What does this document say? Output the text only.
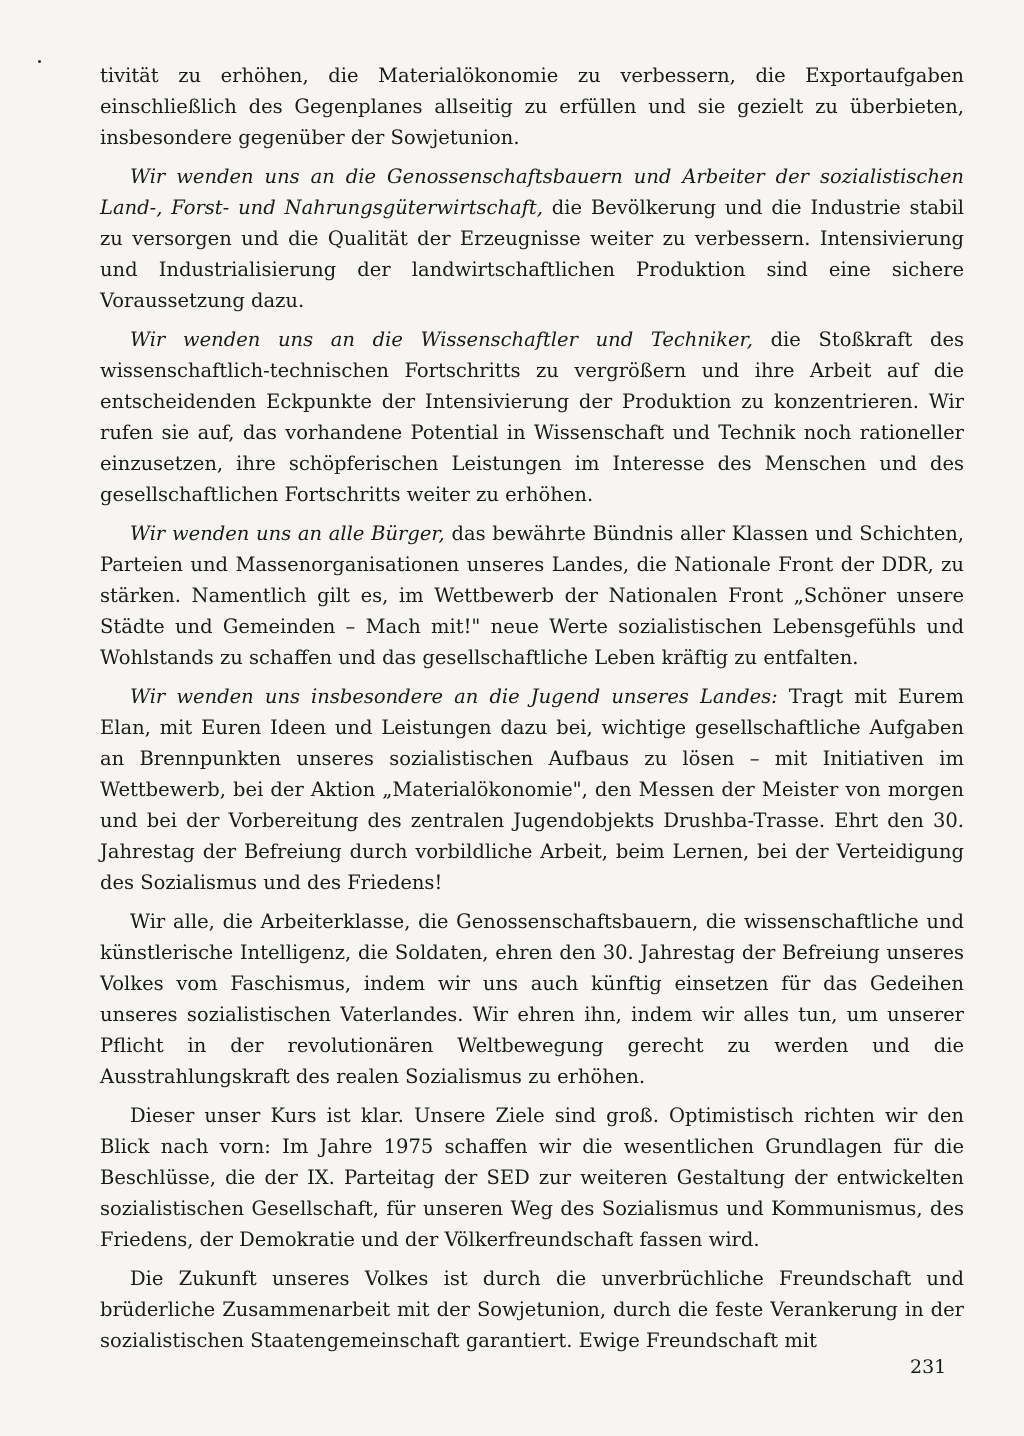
tivität zu erhöhen, die Materialökonomie zu verbessern, die Exportaufgaben einschließlich des Gegenplanes allseitig zu erfüllen und sie gezielt zu überbieten, insbesondere gegenüber der Sowjetunion.

Wir wenden uns an die Genossenschaftsbauern und Arbeiter der sozialistischen Land-, Forst- und Nahrungsgüterwirtschaft, die Bevölkerung und die Industrie stabil zu versorgen und die Qualität der Erzeugnisse weiter zu verbessern. Intensivierung und Industrialisierung der landwirtschaftlichen Produktion sind eine sichere Voraussetzung dazu.

Wir wenden uns an die Wissenschaftler und Techniker, die Stoßkraft des wissenschaftlich-technischen Fortschritts zu vergrößern und ihre Arbeit auf die entscheidenden Eckpunkte der Intensivierung der Produktion zu konzentrieren. Wir rufen sie auf, das vorhandene Potential in Wissenschaft und Technik noch rationeller einzusetzen, ihre schöpferischen Leistungen im Interesse des Menschen und des gesellschaftlichen Fortschritts weiter zu erhöhen.

Wir wenden uns an alle Bürger, das bewährte Bündnis aller Klassen und Schichten, Parteien und Massenorganisationen unseres Landes, die Nationale Front der DDR, zu stärken. Namentlich gilt es, im Wettbewerb der Nationalen Front „Schöner unsere Städte und Gemeinden – Mach mit!" neue Werte sozialistischen Lebensgefühls und Wohlstands zu schaffen und das gesellschaftliche Leben kräftig zu entfalten.

Wir wenden uns insbesondere an die Jugend unseres Landes: Tragt mit Eurem Elan, mit Euren Ideen und Leistungen dazu bei, wichtige gesellschaftliche Aufgaben an Brennpunkten unseres sozialistischen Aufbaus zu lösen – mit Initiativen im Wettbewerb, bei der Aktion „Materialökonomie", den Messen der Meister von morgen und bei der Vorbereitung des zentralen Jugendobjekts Drushba-Trasse. Ehrt den 30. Jahrestag der Befreiung durch vorbildliche Arbeit, beim Lernen, bei der Verteidigung des Sozialismus und des Friedens!

Wir alle, die Arbeiterklasse, die Genossenschaftsbauern, die wissenschaftliche und künstlerische Intelligenz, die Soldaten, ehren den 30. Jahrestag der Befreiung unseres Volkes vom Faschismus, indem wir uns auch künftig einsetzen für das Gedeihen unseres sozialistischen Vaterlandes. Wir ehren ihn, indem wir alles tun, um unserer Pflicht in der revolutionären Weltbewegung gerecht zu werden und die Ausstrahlungskraft des realen Sozialismus zu erhöhen.

Dieser unser Kurs ist klar. Unsere Ziele sind groß. Optimistisch richten wir den Blick nach vorn: Im Jahre 1975 schaffen wir die wesentlichen Grundlagen für die Beschlüsse, die der IX. Parteitag der SED zur weiteren Gestaltung der entwickelten sozialistischen Gesellschaft, für unseren Weg des Sozialismus und Kommunismus, des Friedens, der Demokratie und der Völkerfreundschaft fassen wird.

Die Zukunft unseres Volkes ist durch die unverbrüchliche Freundschaft und brüderliche Zusammenarbeit mit der Sowjetunion, durch die feste Verankerung in der sozialistischen Staatengemeinschaft garantiert. Ewige Freundschaft mit

231
